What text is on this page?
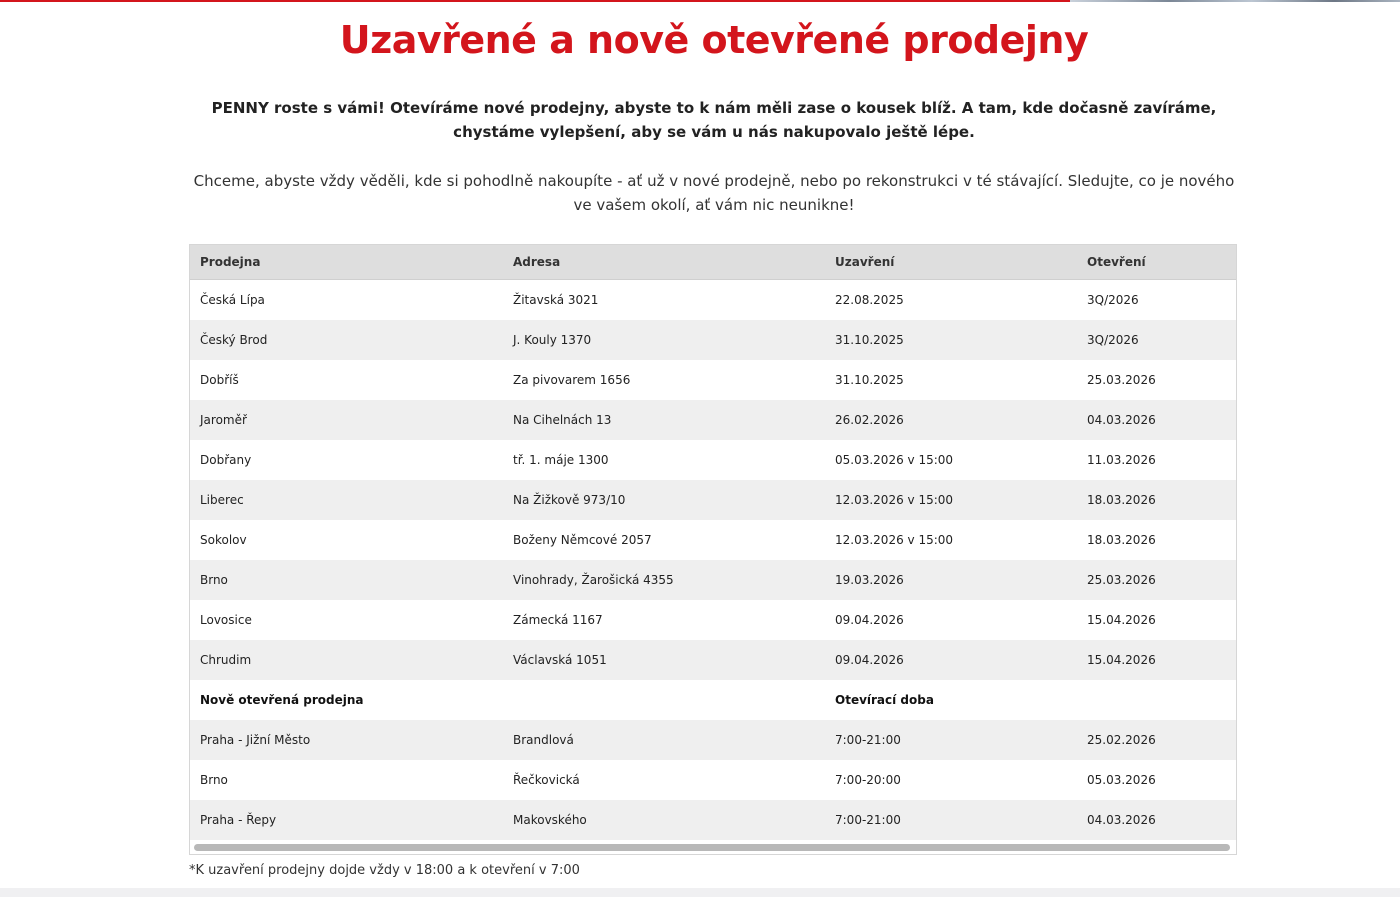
Uzavřené a nově otevřené prodejny

PENNY roste s vámi! Otevíráme nové prodejny, abyste to k nám měli zase o kousek blíž. A tam, kde dočasně zavíráme, chystáme vylepšení, aby se vám u nás nakupovalo ještě lépe.

Chceme, abyste vždy věděli, kde si pohodlně nakoupíte - ať už v nové prodejně, nebo po rekonstrukci v té stávající. Sledujte, co je nového ve vašem okolí, ať vám nic neunikne!

Prodejna	Adresa	Uzavření	Otevření
Česká Lípa	Žitavská 3021	22.08.2025	3Q/2026
Český Brod	J. Kouly 1370	31.10.2025	3Q/2026
Dobříš	Za pivovarem 1656	31.10.2025	25.03.2026
Jaroměř	Na Cihelnách 13	26.02.2026	04.03.2026
Dobřany	tř. 1. máje 1300	05.03.2026 v 15:00	11.03.2026
Liberec	Na Žižkově 973/10	12.03.2026 v 15:00	18.03.2026
Sokolov	Boženy Němcové 2057	12.03.2026 v 15:00	18.03.2026
Brno	Vinohrady, Žarošická 4355	19.03.2026	25.03.2026
Lovosice	Zámecká 1167	09.04.2026	15.04.2026
Chrudim	Václavská 1051	09.04.2026	15.04.2026
Nově otevřená prodejna		Otevírací doba	
Praha - Jižní Město	Brandlová	7:00-21:00	25.02.2026
Brno	Řečkovická	7:00-20:00	05.03.2026
Praha - Řepy	Makovského	7:00-21:00	04.03.2026

*K uzavření prodejny dojde vždy v 18:00 a k otevření v 7:00
